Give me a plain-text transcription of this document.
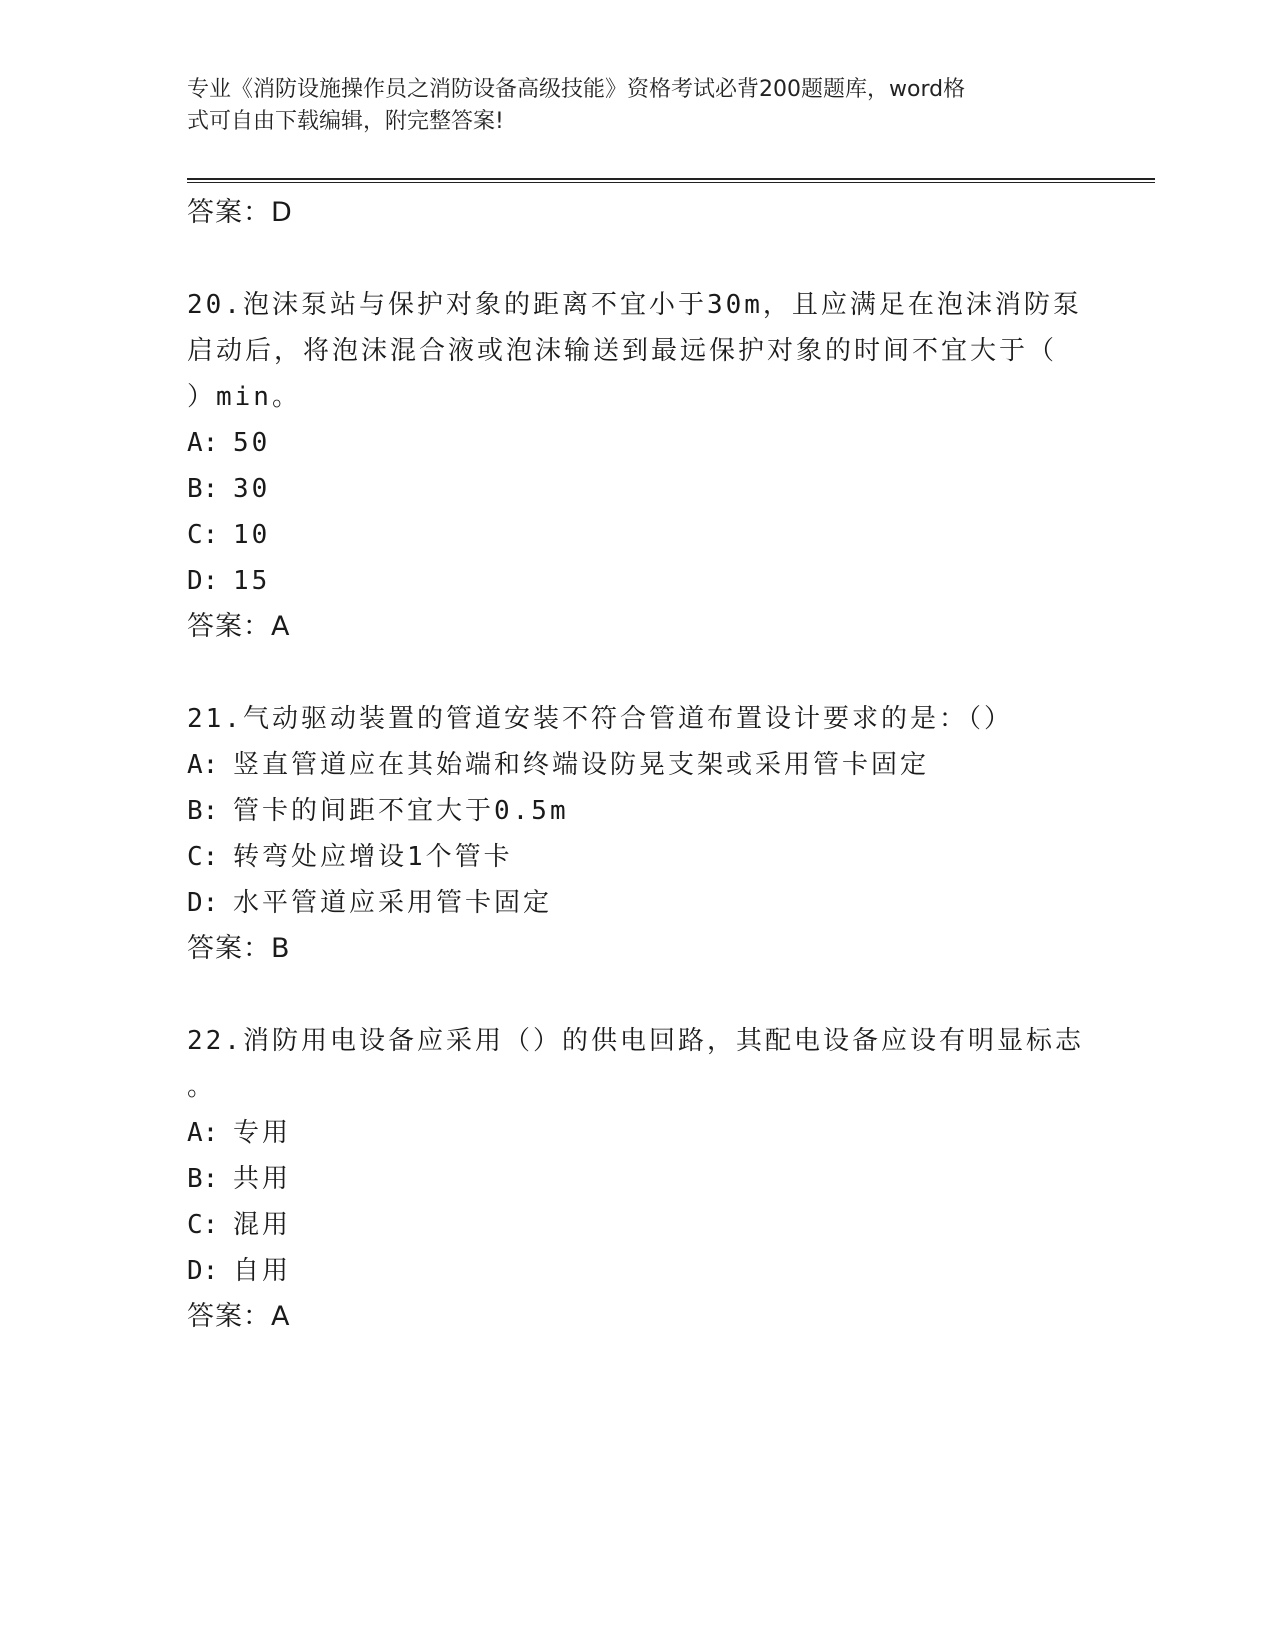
专业《消防设施操作员之消防设备高级技能》资格考试必背200题题库，word格
式可自由下载编辑，附完整答案!
答案：D
20.泡沫泵站与保护对象的距离不宜小于30m，且应满足在泡沫消防泵
启动后，将泡沫混合液或泡沫输送到最远保护对象的时间不宜大于（
）min。
A: 50
B: 30
C: 10
D: 15
答案：A
21.气动驱动装置的管道安装不符合管道布置设计要求的是：（）
A: 竖直管道应在其始端和终端设防晃支架或采用管卡固定
B: 管卡的间距不宜大于0.5m
C: 转弯处应增设1个管卡
D: 水平管道应采用管卡固定
答案：B
22.消防用电设备应采用（）的供电回路，其配电设备应设有明显标志
。
A: 专用
B: 共用
C: 混用
D: 自用
答案：A
